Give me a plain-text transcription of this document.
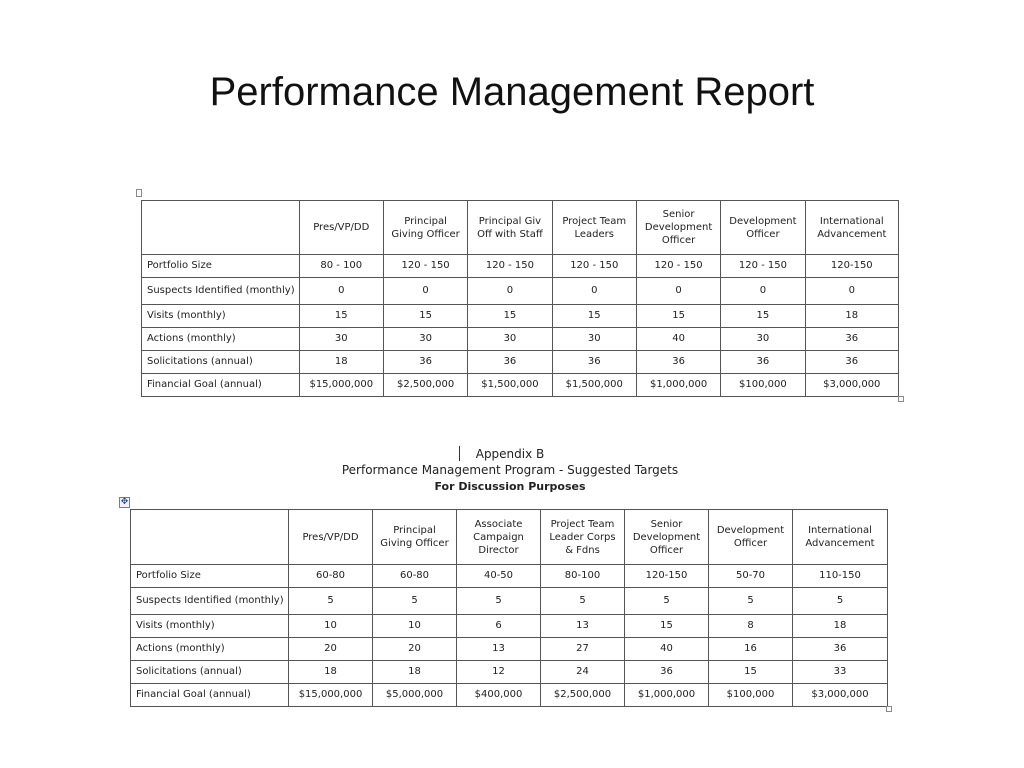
Performance Management Report
	Pres/VP/DD	Principal Giving Officer	Principal Giv Off with Staff	Project Team Leaders	Senior Development Officer	Development Officer	International Advancement
Portfolio Size	80 - 100	120 - 150	120 - 150	120 - 150	120 - 150	120 - 150	120-150
Suspects Identified (monthly)	0	0	0	0	0	0	0
Visits (monthly)	15	15	15	15	15	15	18
Actions (monthly)	30	30	30	30	40	30	36
Solicitations (annual)	18	36	36	36	36	36	36
Financial Goal (annual)	$15,000,000	$2,500,000	$1,500,000	$1,500,000	$1,000,000	$100,000	$3,000,000
Appendix B
Performance Management Program - Suggested Targets
For Discussion Purposes
✥
	Pres/VP/DD	Principal Giving Officer	Associate Campaign Director	Project Team Leader Corps & Fdns	Senior Development Officer	Development Officer	International Advancement
Portfolio Size	60-80	60-80	40-50	80-100	120-150	50-70	110-150
Suspects Identified (monthly)	5	5	5	5	5	5	5
Visits (monthly)	10	10	6	13	15	8	18
Actions (monthly)	20	20	13	27	40	16	36
Solicitations (annual)	18	18	12	24	36	15	33
Financial Goal (annual)	$15,000,000	$5,000,000	$400,000	$2,500,000	$1,000,000	$100,000	$3,000,000
